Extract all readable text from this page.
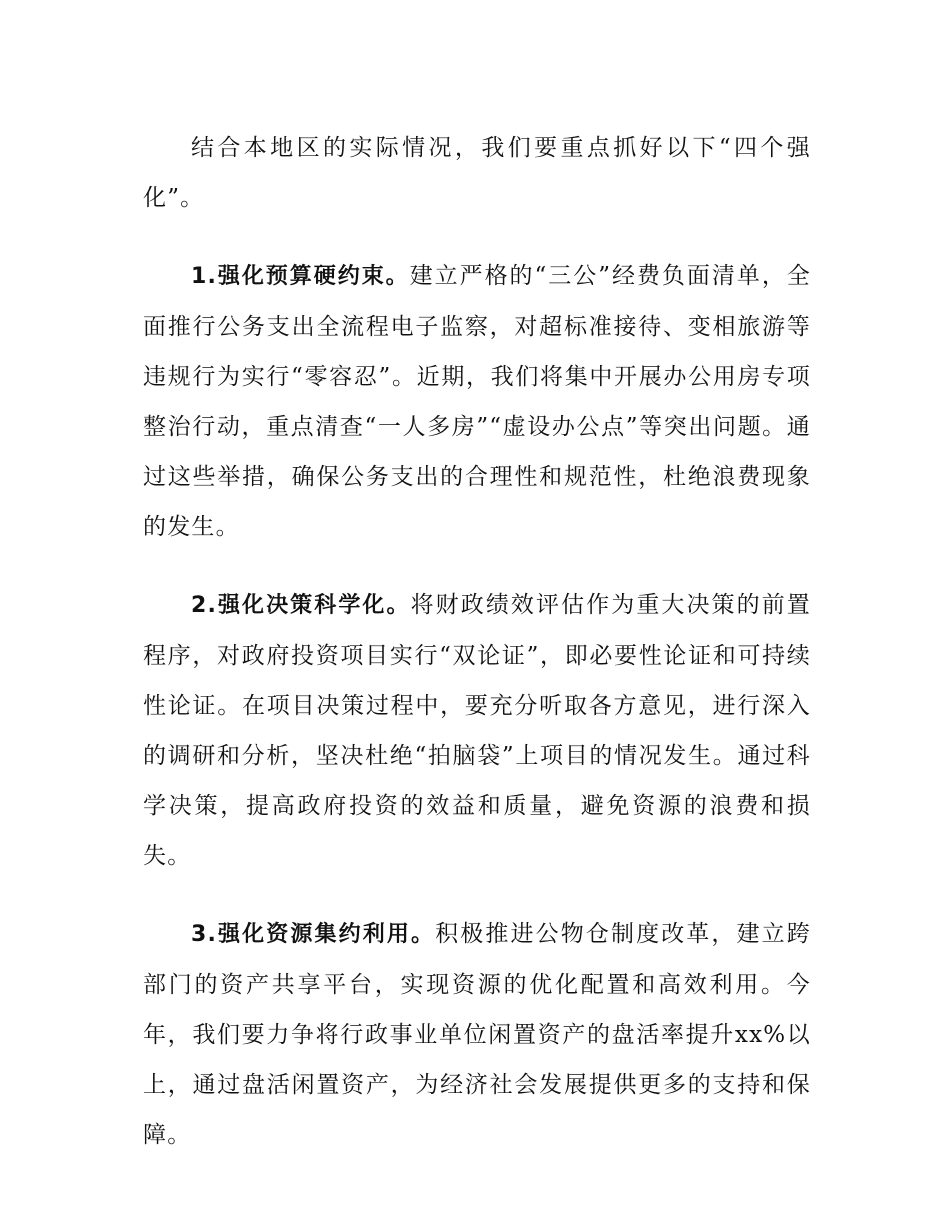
结合本地区的实际情况，我们要重点抓好以下“四个强化”。

1.强化预算硬约束。建立严格的“三公”经费负面清单，全面推行公务支出全流程电子监察，对超标准接待、变相旅游等违规行为实行“零容忍”。近期，我们将集中开展办公用房专项整治行动，重点清查“一人多房”“虚设办公点”等突出问题。通过这些举措，确保公务支出的合理性和规范性，杜绝浪费现象的发生。

2.强化决策科学化。将财政绩效评估作为重大决策的前置程序，对政府投资项目实行“双论证”，即必要性论证和可持续性论证。在项目决策过程中，要充分听取各方意见，进行深入的调研和分析，坚决杜绝“拍脑袋”上项目的情况发生。通过科学决策，提高政府投资的效益和质量，避免资源的浪费和损失。

3.强化资源集约利用。积极推进公物仓制度改革，建立跨部门的资产共享平台，实现资源的优化配置和高效利用。今年，我们要力争将行政事业单位闲置资产的盘活率提升xx%以上，通过盘活闲置资产，为经济社会发展提供更多的支持和保障。
